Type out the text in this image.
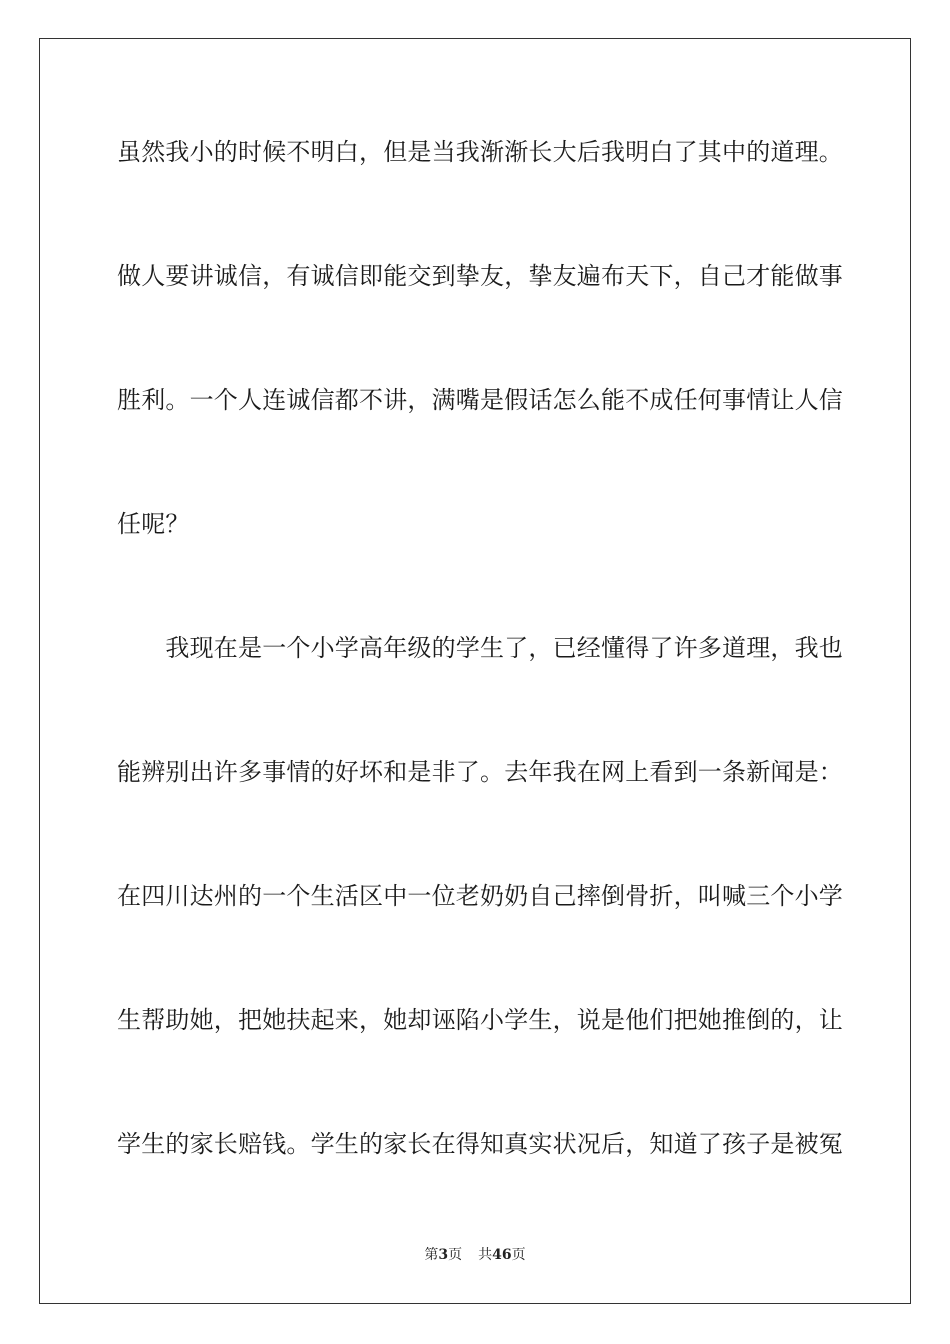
虽然我小的时候不明白，但是当我渐渐长大后我明白了其中的道理。
做人要讲诚信，有诚信即能交到挚友，挚友遍布天下，自己才能做事
胜利。一个人连诚信都不讲，满嘴是假话怎么能不成任何事情让人信
任呢？
　　我现在是一个小学高年级的学生了，已经懂得了许多道理，我也
能辨别出许多事情的好坏和是非了。去年我在网上看到一条新闻是：
在四川达州的一个生活区中一位老奶奶自己摔倒骨折，叫喊三个小学
生帮助她，把她扶起来，她却诬陷小学生，说是他们把她推倒的，让
学生的家长赔钱。学生的家长在得知真实状况后，知道了孩子是被冤
第3页 共46页
